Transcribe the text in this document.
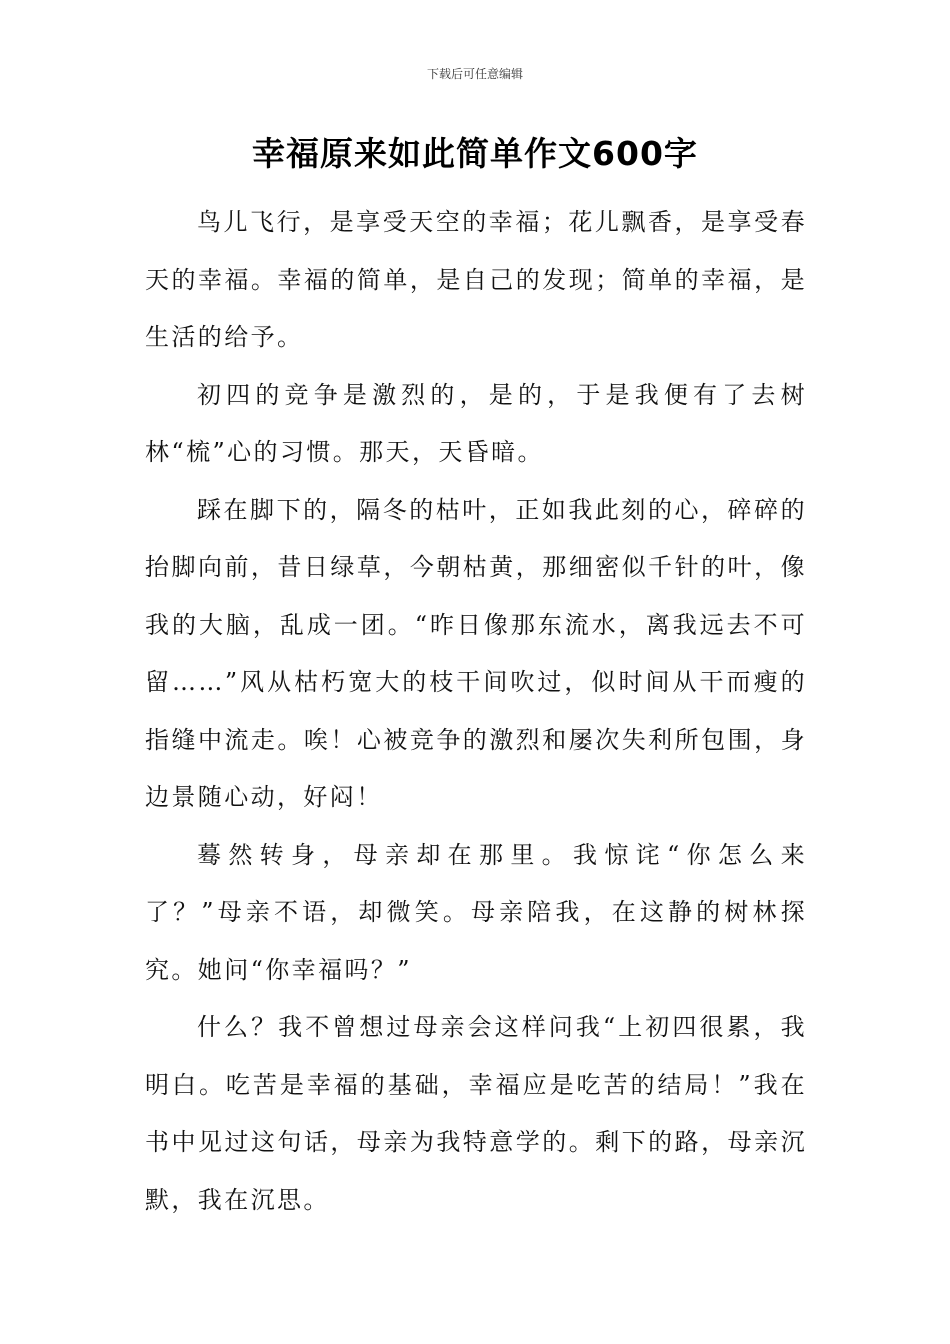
下载后可任意编辑
幸福原来如此简单作文600字

鸟儿飞行，是享受天空的幸福；花儿飘香，是享受春天的幸福。幸福的简单，是自己的发现；简单的幸福，是生活的给予。

初四的竞争是激烈的，是的，于是我便有了去树林“梳”心的习惯。那天，天昏暗。

踩在脚下的，隔冬的枯叶，正如我此刻的心，碎碎的抬脚向前，昔日绿草，今朝枯黄，那细密似千针的叶，像我的大脑，乱成一团。“昨日像那东流水，离我远去不可留……”风从枯朽宽大的枝干间吹过，似时间从干而瘦的指缝中流走。唉！心被竞争的激烈和屡次失利所包围，身边景随心动，好闷！

蓦然转身，母亲却在那里。我惊诧“你怎么来了？”母亲不语，却微笑。母亲陪我，在这静的树林探究。她问“你幸福吗？”

什么？我不曾想过母亲会这样问我“上初四很累，我明白。吃苦是幸福的基础，幸福应是吃苦的结局！”我在书中见过这句话，母亲为我特意学的。剩下的路，母亲沉默，我在沉思。
